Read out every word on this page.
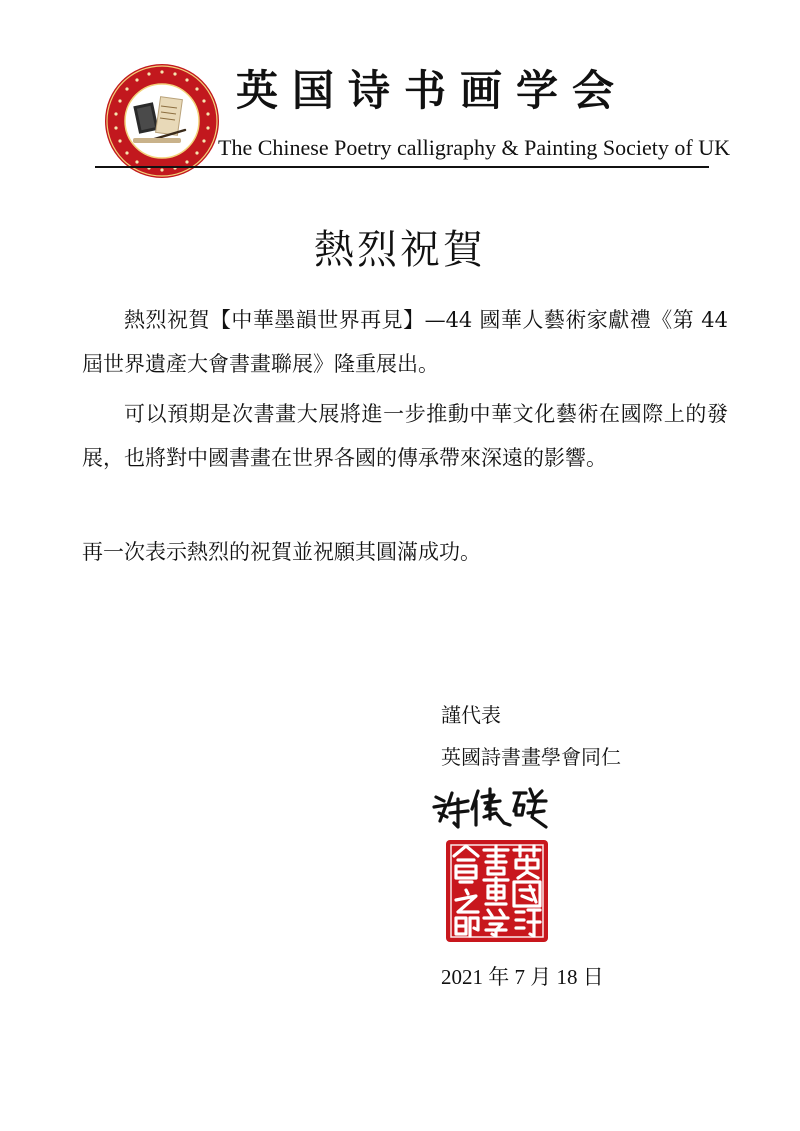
英国诗书画学会
The Chinese Poetry calligraphy & Painting Society of UK
熱烈祝賀

熱烈祝賀【中華墨韻世界再見】—44 國華人藝術家獻禮《第 44 屆世界遺產大會書畫聯展》隆重展出。

可以預期是次書畫大展將進一步推動中華文化藝術在國際上的發展，也將對中國書畫在世界各國的傳承帶來深遠的影響。

再一次表示熱烈的祝賀並祝願其圓滿成功。

謹代表
英國詩書畫學會同仁
2021 年 7 月 18 日
